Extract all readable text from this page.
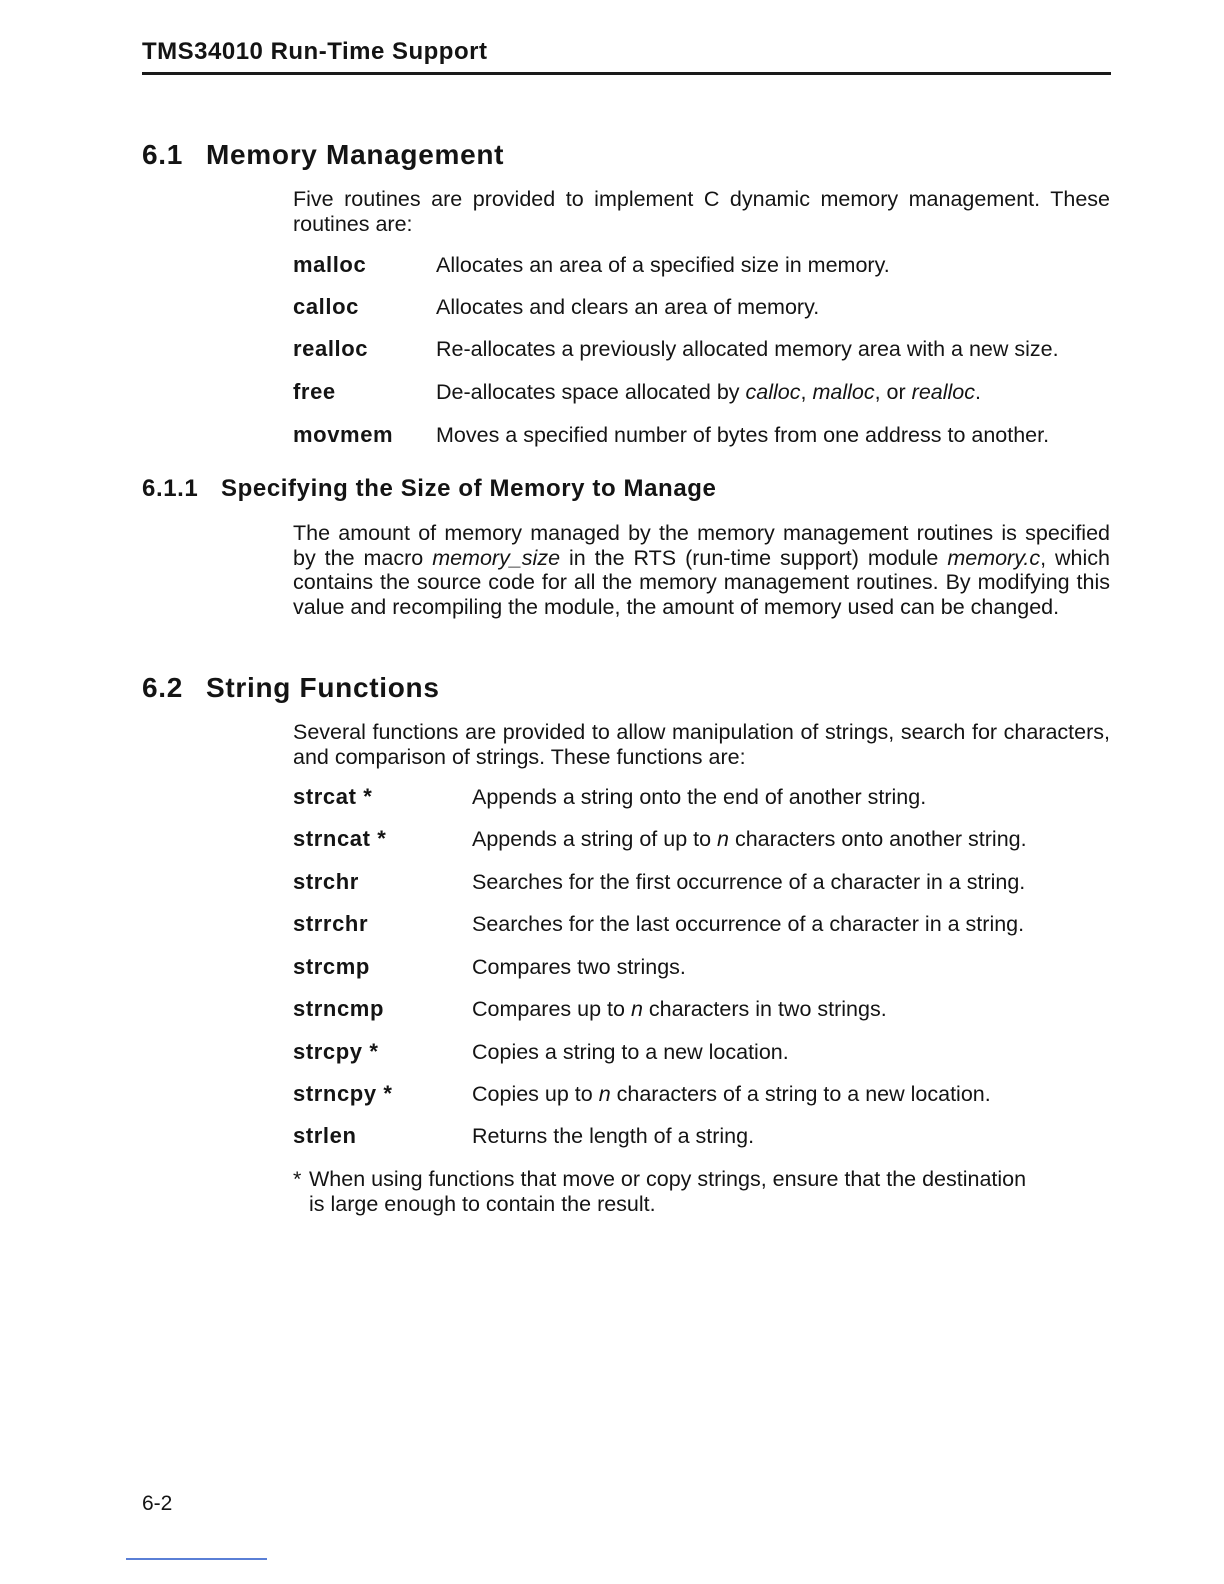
TMS34010 Run-Time Support
6.1 Memory Management

Five routines are provided to implement C dynamic memory management. These routines are:

malloc	Allocates an area of a specified size in memory.
calloc	Allocates and clears an area of memory.
realloc	Re-allocates a previously allocated memory area with a new size.
free	De-allocates space allocated by calloc, malloc, or realloc.
movmem Moves a specified number of bytes from one address to another.
6.1.1 Specifying the Size of Memory to Manage

The amount of memory managed by the memory management routines is specified by the macro memory_size in the RTS (run-time support) module memory.c, which contains the source code for all the memory management routines. By modifying this value and recompiling the module, the amount of memory used can be changed.

6.2 String Functions

Several functions are provided to allow manipulation of strings, search for characters, and comparison of strings. These functions are:

strcat *	Appends a string onto the end of another string.
strncat *	Appends a string of up to n characters onto another string.
strchr	Searches for the first occurrence of a character in a string.
strrchr	Searches for the last occurrence of a character in a string.
strcmp	Compares two strings.
strncmp	Compares up to n characters in two strings.
strcpy *	Copies a string to a new location.
strncpy *	Copies up to n characters of a string to a new location.
strlen	Returns the length of a string.
* When using functions that move or copy strings, ensure that the destination
is large enough to contain the result.
6-2
